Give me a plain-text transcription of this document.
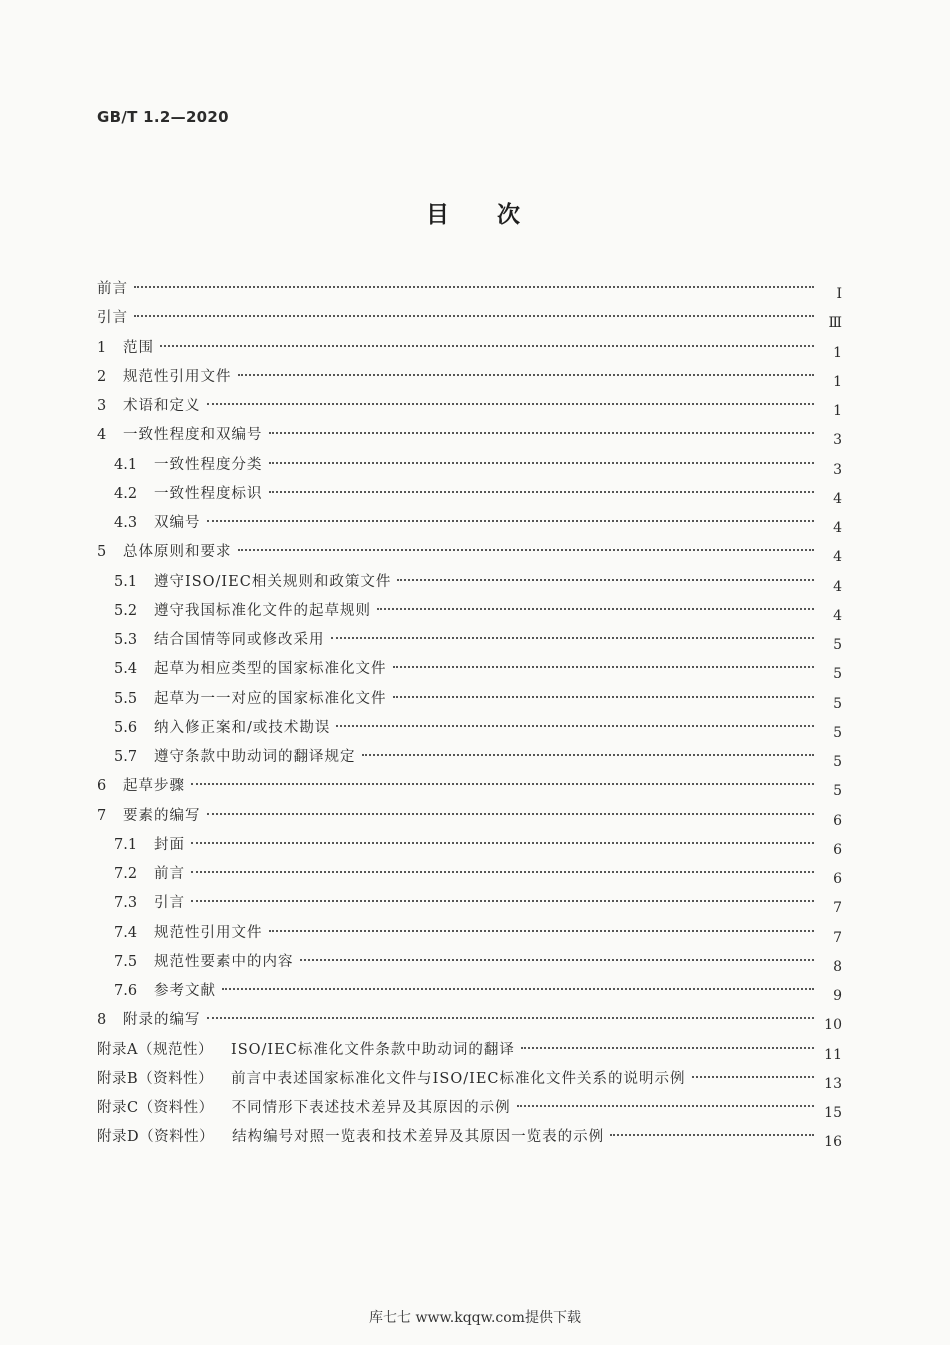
GB/T 1.2—2020
目次
前言	Ⅰ
引言	Ⅲ
1	范围	1
2	规范性引用文件	1
3	术语和定义	1
4	一致性程度和双编号	3
4.1	一致性程度分类	3
4.2	一致性程度标识	4
4.3	双编号	4
5	总体原则和要求	4
5.1	遵守ISO/IEC相关规则和政策文件	4
5.2	遵守我国标准化文件的起草规则	4
5.3	结合国情等同或修改采用	5
5.4	起草为相应类型的国家标准化文件	5
5.5	起草为一一对应的国家标准化文件	5
5.6	纳入修正案和/或技术勘误	5
5.7	遵守条款中助动词的翻译规定	5
6	起草步骤	5
7	要素的编写	6
7.1	封面	6
7.2	前言	6
7.3	引言	7
7.4	规范性引用文件	7
7.5	规范性要素中的内容	8
7.6	参考文献	9
8	附录的编写	10
附录A（规范性） ISO/IEC标准化文件条款中助动词的翻译	11
附录B（资料性） 前言中表述国家标准化文件与ISO/IEC标准化文件关系的说明示例	13
附录C（资料性） 不同情形下表述技术差异及其原因的示例	15
附录D（资料性） 结构编号对照一览表和技术差异及其原因一览表的示例	16
库七七 www.kqqw.com提供下载
